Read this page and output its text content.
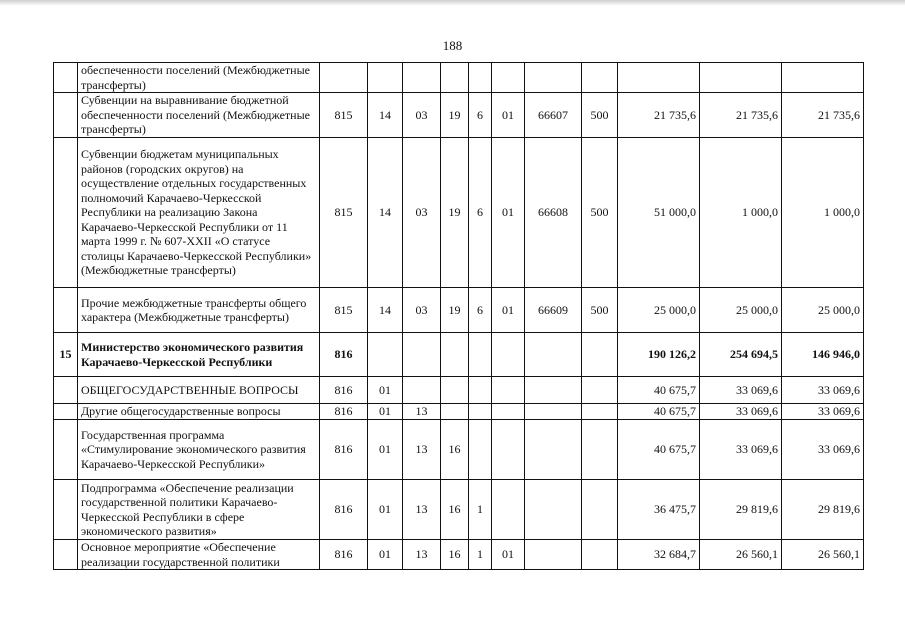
188
	обеспеченности поселений (Межбюджетные трансферты)											
	Субвенции на выравнивание бюджетной обеспеченности поселений (Межбюджетные трансферты)	815	14	03	19	6	01	66607	500	21 735,6	21 735,6	21 735,6
	Субвенции бюджетам муниципальных районов (городских округов) на осуществление отдельных государственных полномочий Карачаево-Черкесской Республики на реализацию Закона Карачаево-Черкесской Республики от 11 марта 1999 г. № 607-XXII «О статусе столицы Карачаево-Черкесской Республики» (Межбюджетные трансферты)	815	14	03	19	6	01	66608	500	51 000,0	1 000,0	1 000,0
	Прочие межбюджетные трансферты общего характера (Межбюджетные трансферты)	815	14	03	19	6	01	66609	500	25 000,0	25 000,0	25 000,0
15	Министерство экономического развития Карачаево-Черкесской Республики	816								190 126,2	254 694,5	146 946,0
	ОБЩЕГОСУДАРСТВЕННЫЕ ВОПРОСЫ	816	01							40 675,7	33 069,6	33 069,6
	Другие общегосударственные вопросы	816	01	13						40 675,7	33 069,6	33 069,6
	Государственная программа «Стимулирование экономического развития Карачаево-Черкесской Республики»	816	01	13	16					40 675,7	33 069,6	33 069,6
	Подпрограмма «Обеспечение реализации государственной политики Карачаево-Черкесской Республики в сфере экономического развития»	816	01	13	16	1				36 475,7	29 819,6	29 819,6
	Основное мероприятие «Обеспечение реализации государственной политики	816	01	13	16	1	01			32 684,7	26 560,1	26 560,1
